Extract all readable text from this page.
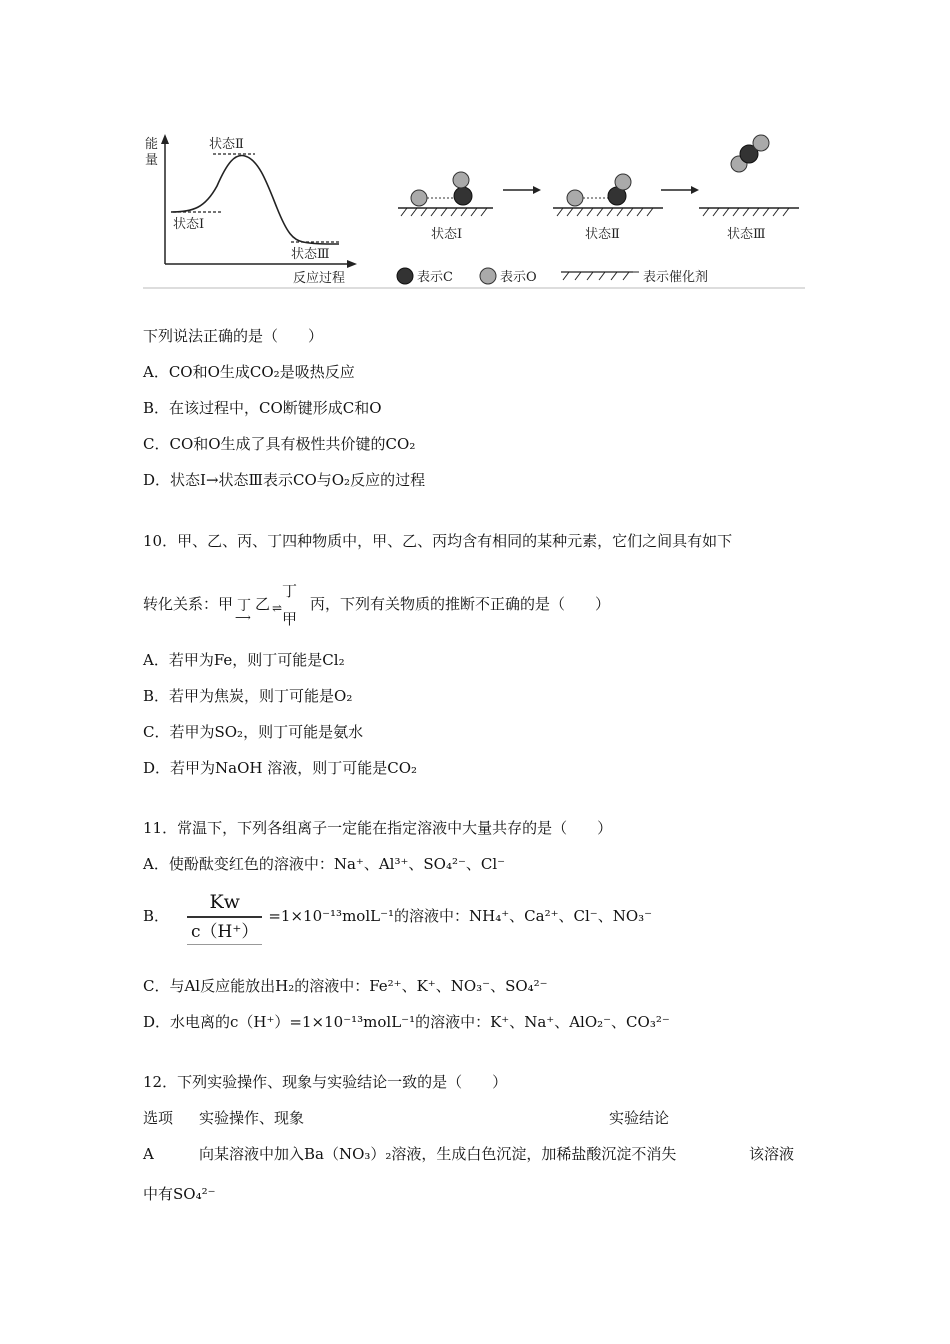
能
量
状态Ⅰ
状态Ⅱ
状态Ⅲ
反应过程
状态Ⅰ	状态Ⅱ	状态Ⅲ
表示C	表示O	表示催化剂
下列说法正确的是（　　）
A．CO和O生成CO₂是吸热反应
B．在该过程中，CO断键形成C和O
C．CO和O生成了具有极性共价键的CO₂
D．状态Ⅰ→状态Ⅲ表示CO与O₂反应的过程
10．甲、乙、丙、丁四种物质中，甲、乙、丙均含有相同的某种元素，它们之间具有如下
转化关系：甲 丁
⟶
乙
丁
⇌
甲
丙，下列有关物质的推断不正确的是（　　）
A．若甲为Fe，则丁可能是Cl₂
B．若甲为焦炭，则丁可能是O₂
C．若甲为SO₂，则丁可能是氨水
D．若甲为NaOH 溶液，则丁可能是CO₂
11．常温下，下列各组离子一定能在指定溶液中大量共存的是（　　）
A．使酚酞变红色的溶液中：Na⁺、Al³⁺、SO₄²⁻、Cl⁻
B． $\frac{Kw}{c(H^+)}$ =1×10⁻¹³molL⁻¹的溶液中：NH₄⁺、Ca²⁺、Cl⁻、NO₃⁻
C．与Al反应能放出H₂的溶液中：Fe²⁺、K⁺、NO₃⁻、SO₄²⁻
D．水电离的c（H⁺）=1×10⁻¹³molL⁻¹的溶液中：K⁺、Na⁺、AlO₂⁻、CO₃²⁻
12．下列实验操作、现象与实验结论一致的是（　　）
选项 实验操作、现象	实验结论
A	向某溶液中加入Ba（NO₃）₂溶液，生成白色沉淀，加稀盐酸沉淀不消失	该溶液
中有SO₄²⁻
